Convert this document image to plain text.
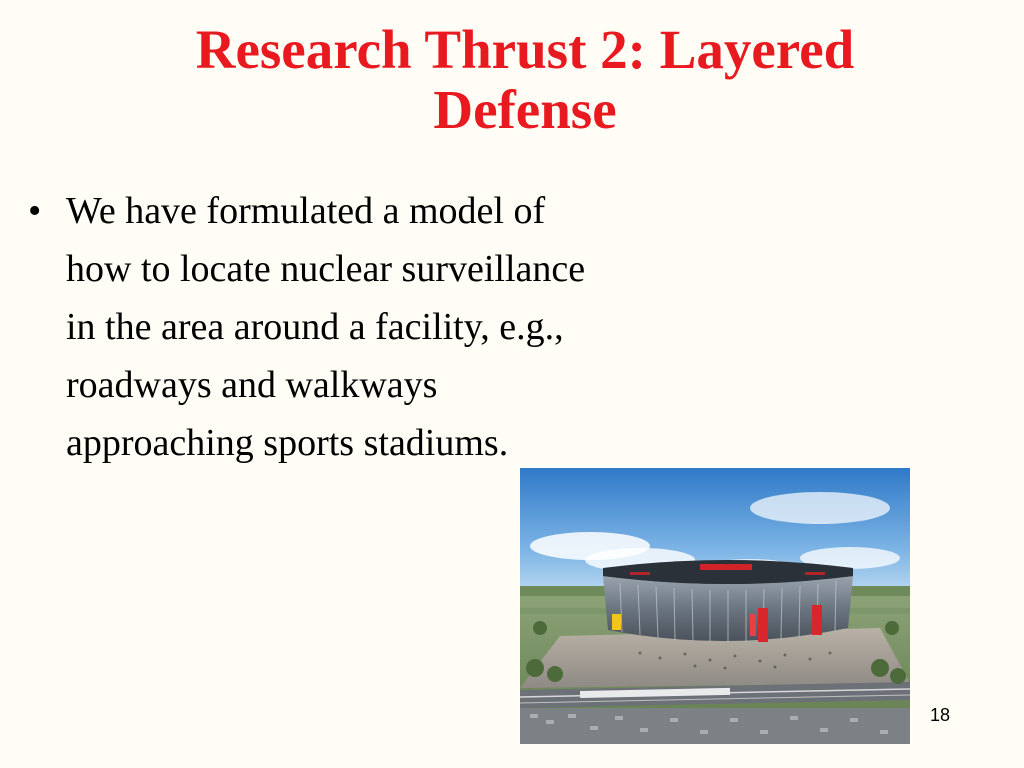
Research Thrust 2: Layered
Defense
• We have formulated a model of
how to locate nuclear surveillance
in the area around a facility, e.g.,
roadways and walkways
approaching sports stadiums.
18
